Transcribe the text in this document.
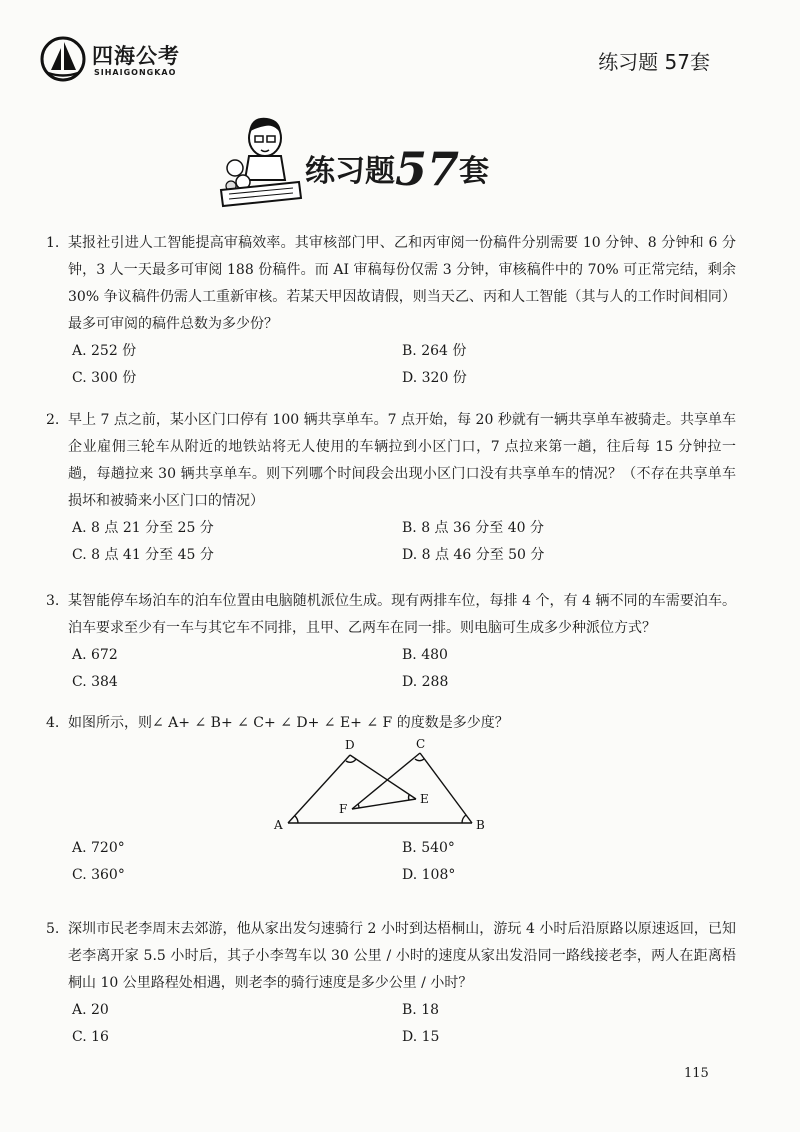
四海公考
SIHAIGONGKAO	练习题 57套
练习题57套
1. 某报社引进人工智能提高审稿效率。其审核部门甲、乙和丙审阅一份稿件分别需要 10 分钟、8 分钟和 6 分钟，3 人一天最多可审阅 188 份稿件。而 AI 审稿每份仅需 3 分钟，审核稿件中的 70% 可正常完结，剩余 30% 争议稿件仍需人工重新审核。若某天甲因故请假，则当天乙、丙和人工智能（其与人的工作时间相同）最多可审阅的稿件总数为多少份？
A. 252 份	B. 264 份
C. 300 份	D. 320 份
2. 早上 7 点之前，某小区门口停有 100 辆共享单车。7 点开始，每 20 秒就有一辆共享单车被骑走。共享单车企业雇佣三轮车从附近的地铁站将无人使用的车辆拉到小区门口，7 点拉来第一趟，往后每 15 分钟拉一趟，每趟拉来 30 辆共享单车。则下列哪个时间段会出现小区门口没有共享单车的情况？（不存在共享单车损坏和被骑来小区门口的情况）
A. 8 点 21 分至 25 分	B. 8 点 36 分至 40 分
C. 8 点 41 分至 45 分	D. 8 点 46 分至 50 分
3. 某智能停车场泊车的泊车位置由电脑随机派位生成。现有两排车位，每排 4 个，有 4 辆不同的车需要泊车。泊车要求至少有一车与其它车不同排，且甲、乙两车在同一排。则电脑可生成多少种派位方式？
A. 672	B. 480
C. 384	D. 288
4. 如图所示，则∠ A+ ∠ B+ ∠ C+ ∠ D+ ∠ E+ ∠ F 的度数是多少度？
D	C
F
E
A	B
A. 720°	B. 540°
C. 360°	D. 108°
5. 深圳市民老李周末去郊游，他从家出发匀速骑行 2 小时到达梧桐山，游玩 4 小时后沿原路以原速返回，已知老李离开家 5.5 小时后，其子小李驾车以 30 公里 / 小时的速度从家出发沿同一路线接老李，两人在距离梧桐山 10 公里路程处相遇，则老李的骑行速度是多少公里 / 小时？
A. 20	B. 18
C. 16	D. 15
115
